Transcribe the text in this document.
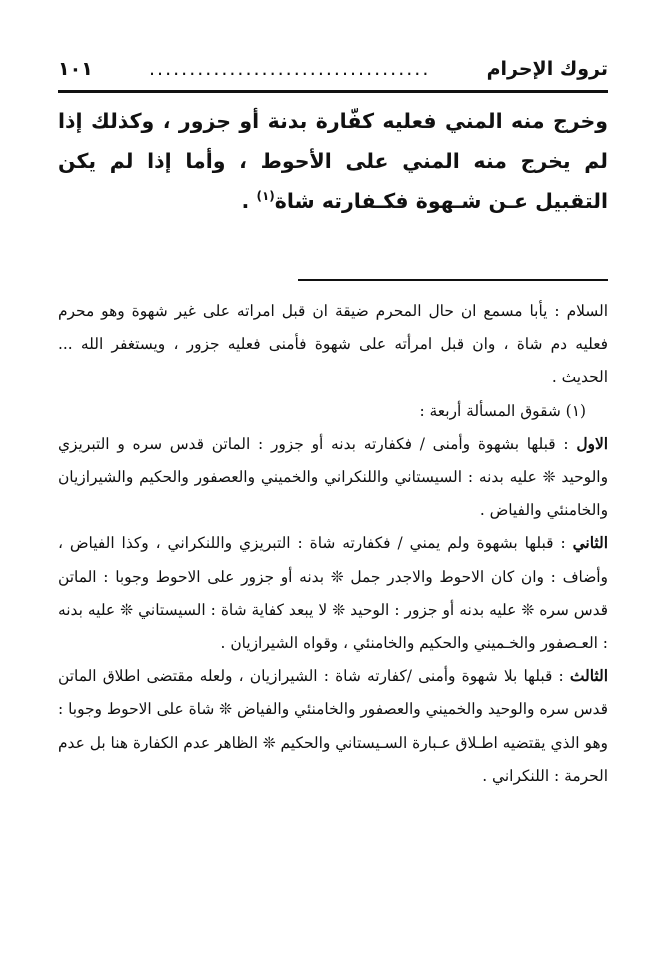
تروك الإحرام
...................................
١٠١
وخرج منه المني فعليه كفّارة بدنة أو جزور ، وكذلك إذا لم يخرج منه المني على الأحوط ، وأما إذا لم يكن التقبيل عـن شـهوة فكـفارته شاة$^{(١)}$ .

السلام : يأبا مسمع ان حال المحرم ضيقة ان قبل امراته على غير شهوة وهو محرم فعليه دم شاة ، وان قبل امرأته على شهوة فأمنى فعليه جزور ، ويستغفر الله ... الحديث .

(١) شقوق المسألة أربعة :

الاول : قبلها بشهوة وأمنى / فكفارته بدنه أو جزور : الماتن قدس سره و التبريزي والوحيد ❊ عليه بدنه : السيستاني واللنكراني والخميني والعصفور والحكيم والشيرازيان والخامنئي والفياض .

الثاني : قبلها بشهوة ولم يمني / فكفارته شاة : التبريزي واللنكراني ، وكذا الفياض ، وأضاف : وان كان الاحوط والاجدر جمل ❊ بدنه أو جزور على الاحوط وجوبا : الماتن قدس سره ❊ عليه بدنه أو جزور : الوحيد ❊ لا يبعد كفاية شاة : السيستاني ❊ عليه بدنه : العـصفور والخـميني والحكيم والخامنئي ، وقواه الشيرازيان .

الثالث : قبلها بلا شهوة وأمنى /كفارته شاة : الشيرازيان ، ولعله مقتضى اطلاق الماتن قدس سره والوحيد والخميني والعصفور والخامنئي والفياض ❊ شاة على الاحوط وجوبا : وهو الذي يقتضيه اطـلاق عـبارة السـيستاني والحكيم ❊ الظاهر عدم الكفارة هنا بل عدم الحرمة : اللنكراني .
